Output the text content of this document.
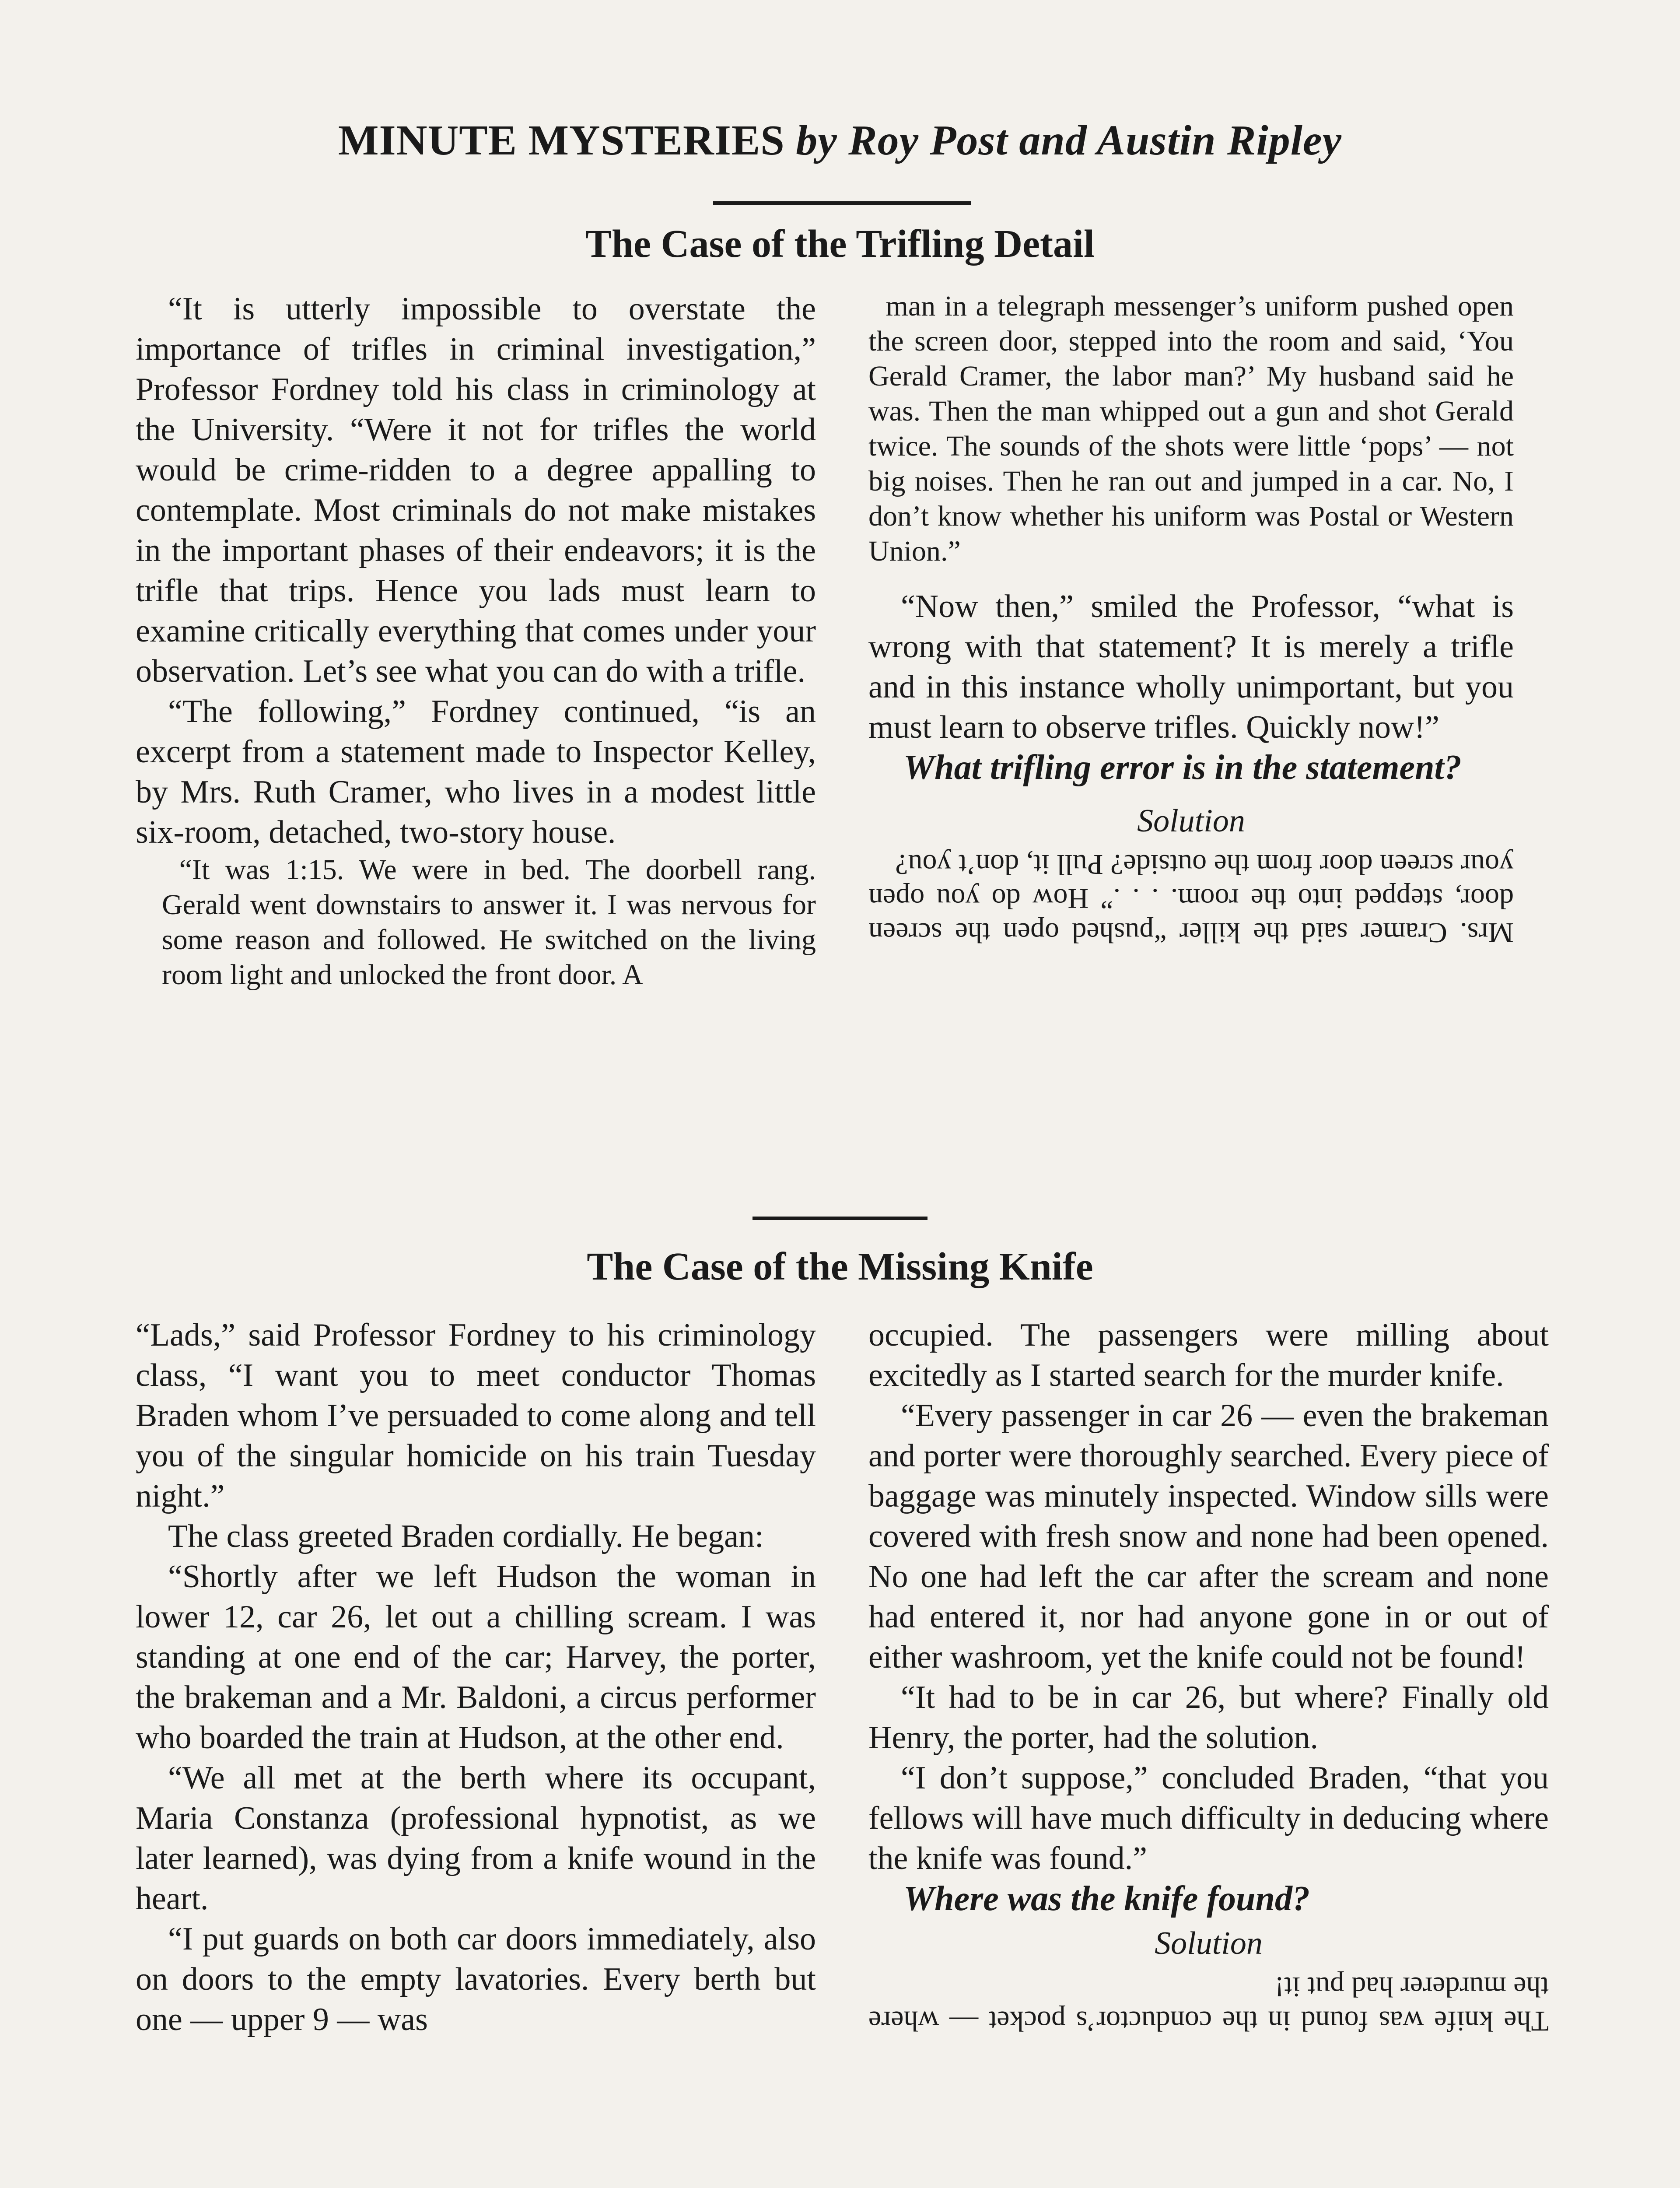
MINUTE MYSTERIES by Roy Post and Austin Ripley
The Case of the Trifling Detail

“It is utterly impossible to overstate the importance of trifles in criminal investigation,” Professor Fordney told his class in criminology at the University. “Were it not for trifles the world would be crime-ridden to a degree appalling to contemplate. Most criminals do not make mistakes in the important phases of their endeavors; it is the trifle that trips. Hence you lads must learn to examine critically everything that comes under your observation. Let’s see what you can do with a trifle.

“The following,” Fordney continued, “is an excerpt from a statement made to Inspector Kelley, by Mrs. Ruth Cramer, who lives in a modest little six-room, detached, two-story house.

“It was 1:15. We were in bed. The doorbell rang. Gerald went downstairs to answer it. I was nervous for some reason and followed. He switched on the living room light and unlocked the front door. A

man in a telegraph messenger’s uniform pushed open the screen door, stepped into the room and said, ‘You Gerald Cramer, the labor man?’ My husband said he was. Then the man whipped out a gun and shot Gerald twice. The sounds of the shots were little ‘pops’ — not big noises. Then he ran out and jumped in a car. No, I don’t know whether his uniform was Postal or Western Union.”

“Now then,” smiled the Professor, “what is wrong with that statement? It is merely a trifle and in this instance wholly unimportant, but you must learn to observe trifles. Quickly now!”

What trifling error is in the statement?

Solution
Mrs. Cramer said the killer “pushed open the screen door, stepped into the room. . . .” How do you open your screen door from the outside? Pull it, don’t you?
The Case of the Missing Knife

“Lads,” said Professor Fordney to his criminology class, “I want you to meet conductor Thomas Braden whom I’ve persuaded to come along and tell you of the singular homicide on his train Tuesday night.”

The class greeted Braden cordially. He began:

“Shortly after we left Hudson the woman in lower 12, car 26, let out a chilling scream. I was standing at one end of the car; Harvey, the porter, the brakeman and a Mr. Baldoni, a circus performer who boarded the train at Hudson, at the other end.

“We all met at the berth where its occupant, Maria Constanza (professional hypnotist, as we later learned), was dying from a knife wound in the heart.

“I put guards on both car doors immediately, also on doors to the empty lavatories. Every berth but one — upper 9 — was

occupied. The passengers were milling about excitedly as I started search for the murder knife.

“Every passenger in car 26 — even the brakeman and porter were thoroughly searched. Every piece of baggage was minutely inspected. Window sills were covered with fresh snow and none had been opened. No one had left the car after the scream and none had entered it, nor had anyone gone in or out of either washroom, yet the knife could not be found!

“It had to be in car 26, but where? Finally old Henry, the porter, had the solution.

“I don’t suppose,” concluded Braden, “that you fellows will have much difficulty in deducing where the knife was found.”

Where was the knife found?

Solution
The knife was found in the conductor’s pocket — where the murderer had put it!
